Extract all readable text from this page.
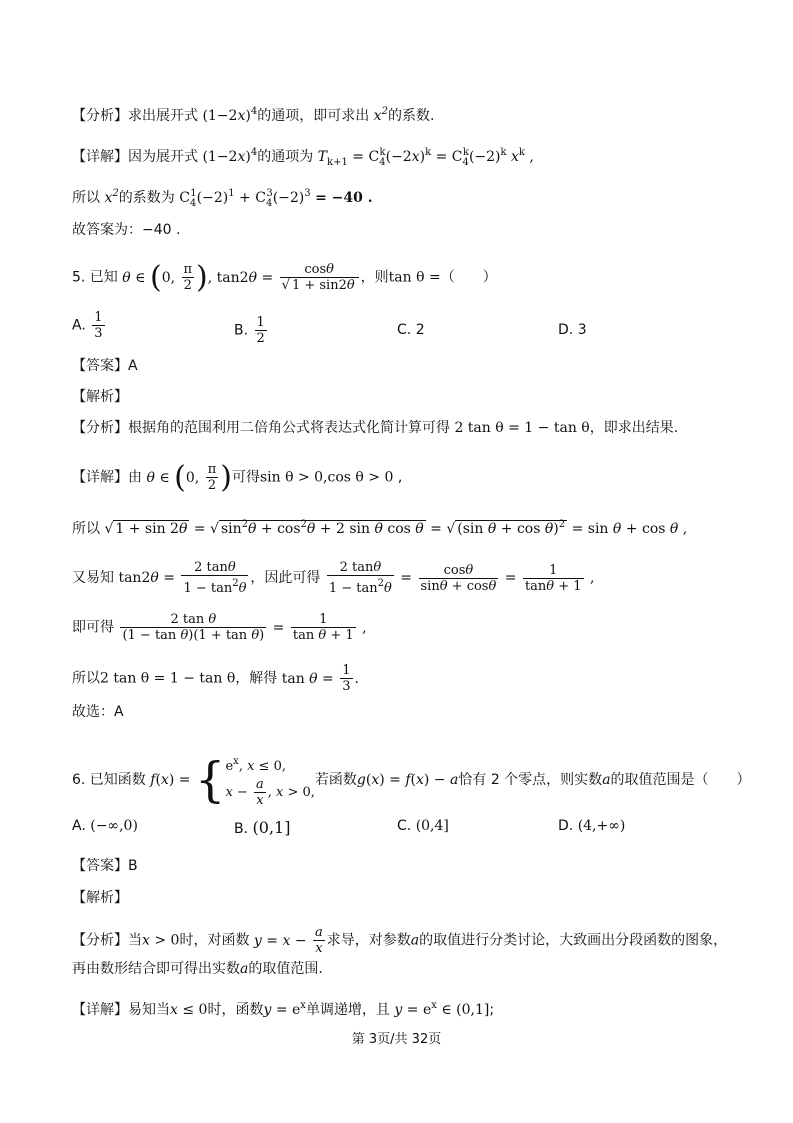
【分析】求出展开式 $(1-2x)^4$的通项，即可求出 $x^2$的系数.
【详解】因为展开式 $(1-2x)^4$的通项为 $T_{k+1} = C_4^k(-2x)^k = C_4^k(-2)^k$ $x^k$ ,
所以 $x^2$的系数为 $C_4^1(-2)^1 + C_4^3(-2)^3 = -40$ .
故答案为：−40 .
5. 已知 θ ∈ (0, $\frac{\pi}{2}$ ), $\tan 2\theta = \frac{\cos\theta}{√ 1 + \sin 2\theta}$ ，则tan θ =（　　）
A. $\frac{1}{3}$	B. $\frac{1}{2}$	C. 2	D. 3
【答案】A
【解析】
【分析】根据角的范围利用二倍角公式将表达式化简计算可得 2 tan θ = 1 − tan θ，即求出结果.
【详解】由 θ ∈ (0, $\frac{\pi}{2}$ )可得sin θ > 0,cos θ > 0 ,
所以 √ 1 + sin 2θ = √ $\sin^2\theta + \cos^2\theta + 2$ sin θ cos θ = √ (sin θ + cos θ)$^2$ = sin θ + cos θ ,
又易知 $\tan 2\theta = \frac{2 \tan\theta}{1 - \tan^2\theta}$ ，因此可得 $\frac{2 \tan\theta}{1 - \tan^2\theta} = \frac{\cos\theta}{\sin\theta + \cos\theta} = \frac{1}{\tan\theta + 1}$ ,
即可得 $\frac{\text{2 tan θ}}{\text{(1 − tan θ)(1 + tan θ)}} = \frac{1}{\text{tan θ + 1}}$ ,
所以2 tan θ = 1 − tan θ，解得 $\tan \theta = \frac{1}{3}$ .
故选：A
6. 已知函数 f(x) = { $e^x$, x ≤ 0,
$x - \frac{a}{x}$ , x > 0,
若函数g(x) = f(x) − a恰有 2 个零点，则实数a的取值范围是（　　）
A. (−∞,0)	B. (0,1]	C. (0,4]	D. (4,+∞)
【答案】B
【解析】
【分析】当x > 0时，对函数 $y = x - \frac{a}{x}$ 求导，对参数a的取值进行分类讨论，大致画出分段函数的图象，
再由数形结合即可得出实数a的取值范围.
【详解】易知当x ≤ 0时，函数$y = e^x$单调递增，且 $y = e^x$ ∈ (0,1];
第 3页/共 32页
